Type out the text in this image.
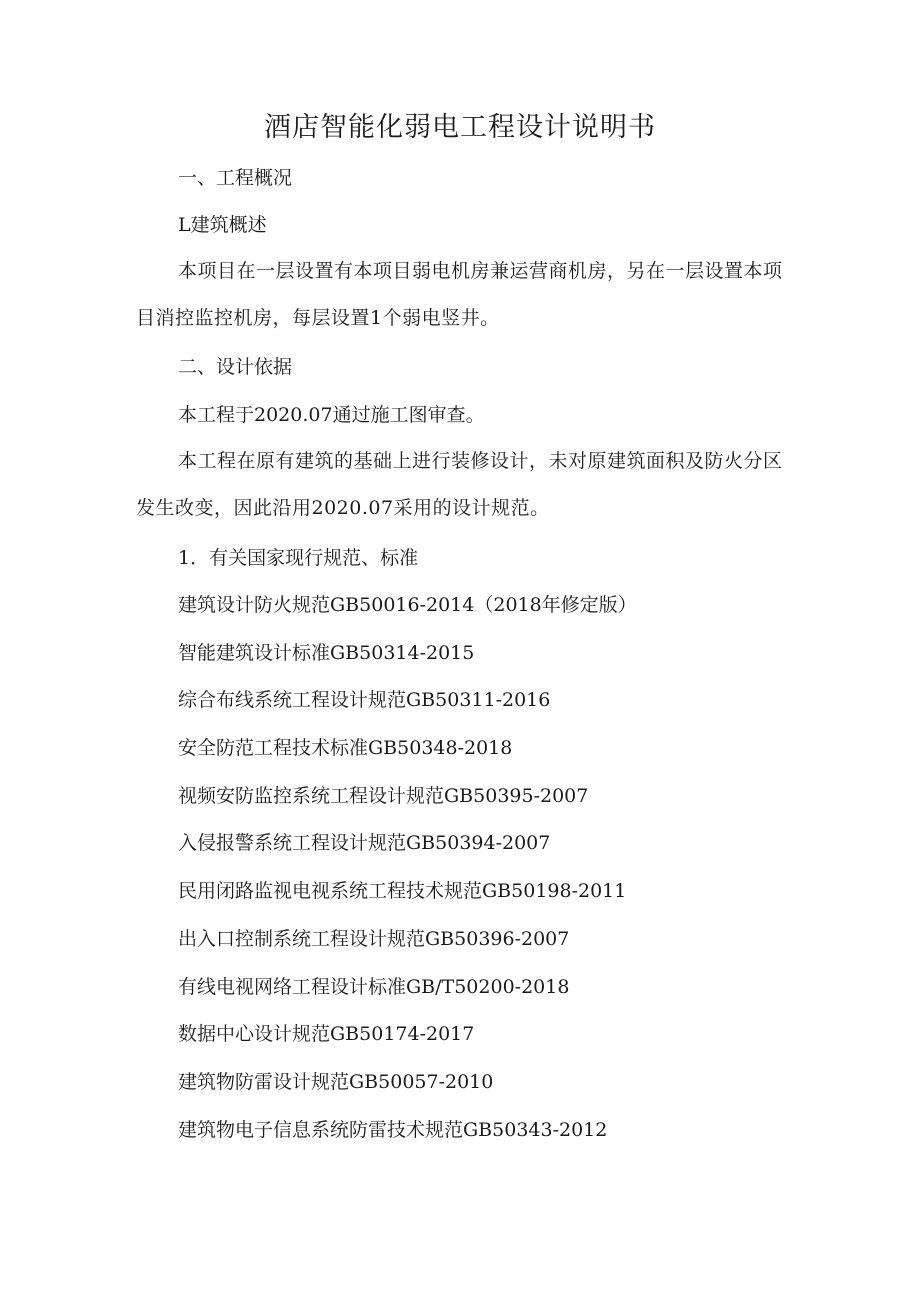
酒店智能化弱电工程设计说明书

一、工程概况

L建筑概述

本项目在一层设置有本项目弱电机房兼运营商机房，另在一层设置本项目消控监控机房，每层设置1个弱电竖井。

二、设计依据

本工程于2020.07通过施工图审查。

本工程在原有建筑的基础上进行装修设计，未对原建筑面积及防火分区发生改变，因此沿用2020.07采用的设计规范。

1．有关国家现行规范、标准

建筑设计防火规范GB50016-2014（2018年修定版）

智能建筑设计标准GB50314-2015

综合布线系统工程设计规范GB50311-2016

安全防范工程技术标准GB50348-2018

视频安防监控系统工程设计规范GB50395-2007

入侵报警系统工程设计规范GB50394-2007

民用闭路监视电视系统工程技术规范GB50198-2011

出入口控制系统工程设计规范GB50396-2007

有线电视网络工程设计标准GB/T50200-2018

数据中心设计规范GB50174-2017

建筑物防雷设计规范GB50057-2010

建筑物电子信息系统防雷技术规范GB50343-2012
